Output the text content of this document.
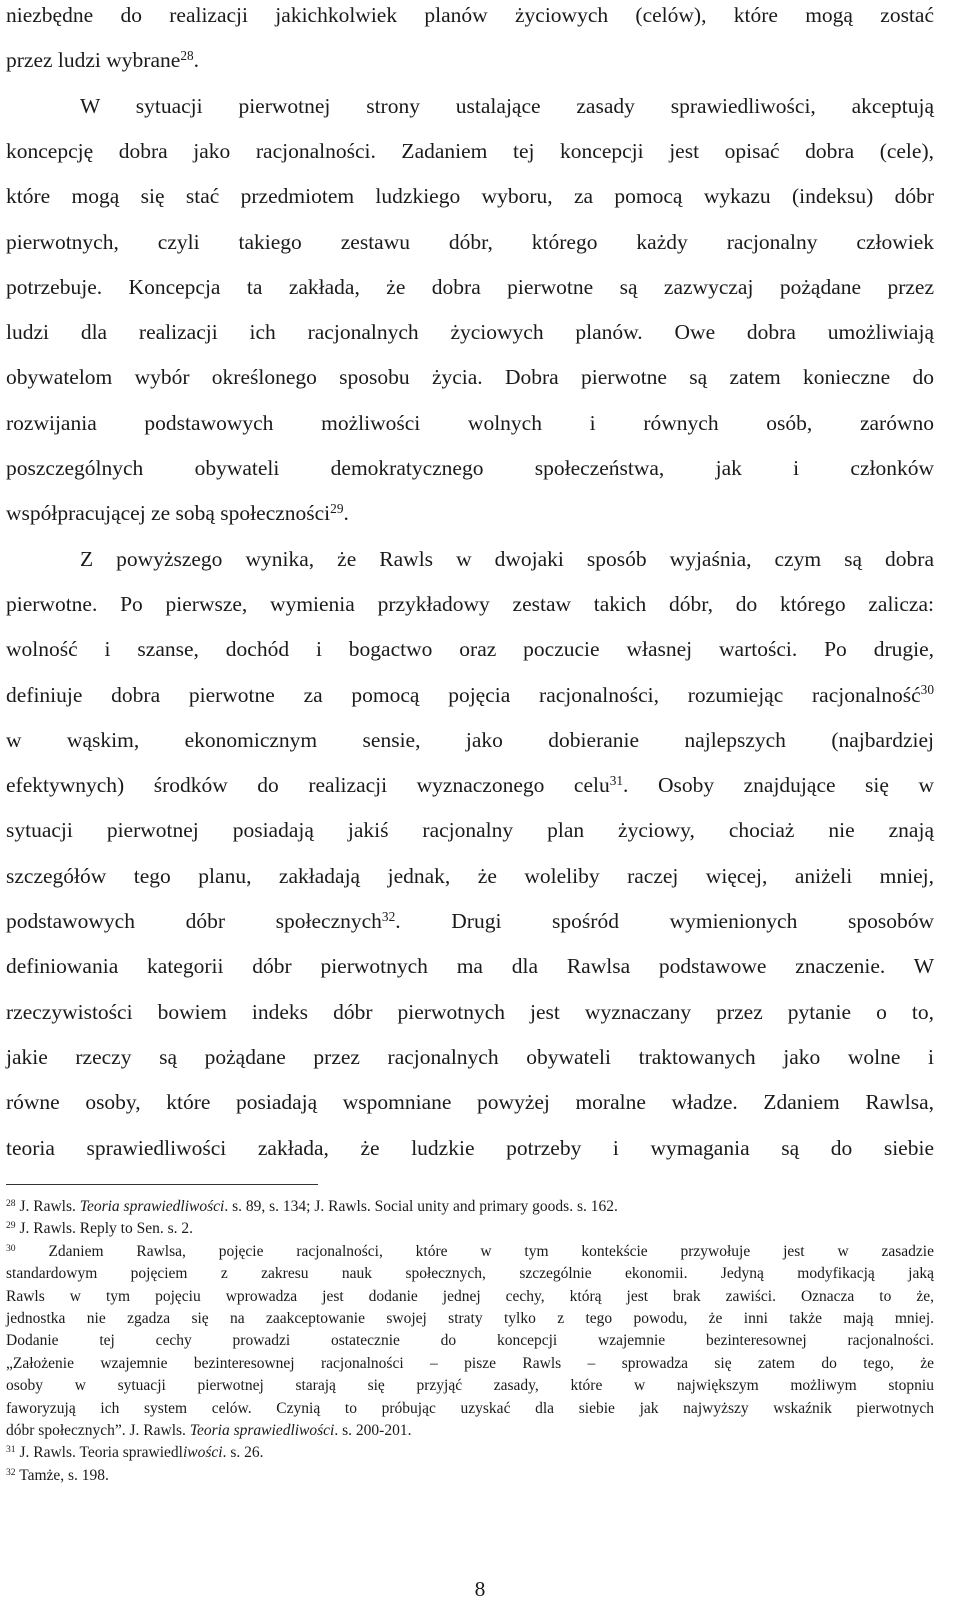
niezbędne do realizacji jakichkolwiek planów życiowych (celów), które mogą zostać
przez ludzi wybrane$^{28}$.
W sytuacji pierwotnej strony ustalające zasady sprawiedliwości, akceptują
koncepcję dobra jako racjonalności. Zadaniem tej koncepcji jest opisać dobra (cele),
które mogą się stać przedmiotem ludzkiego wyboru, za pomocą wykazu (indeksu) dóbr
pierwotnych, czyli takiego zestawu dóbr, którego każdy racjonalny człowiek
potrzebuje. Koncepcja ta zakłada, że dobra pierwotne są zazwyczaj pożądane przez
ludzi dla realizacji ich racjonalnych życiowych planów. Owe dobra umożliwiają
obywatelom wybór określonego sposobu życia. Dobra pierwotne są zatem konieczne do
rozwijania podstawowych możliwości wolnych i równych osób, zarówno
poszczególnych obywateli demokratycznego społeczeństwa, jak i członków
współpracującej ze sobą społeczności$^{29}$.
Z powyższego wynika, że Rawls w dwojaki sposób wyjaśnia, czym są dobra
pierwotne. Po pierwsze, wymienia przykładowy zestaw takich dóbr, do którego zalicza:
wolność i szanse, dochód i bogactwo oraz poczucie własnej wartości. Po drugie,
definiuje dobra pierwotne za pomocą pojęcia racjonalności, rozumiejąc racjonalność$^{30}$
w wąskim, ekonomicznym sensie, jako dobieranie najlepszych (najbardziej
efektywnych) środków do realizacji wyznaczonego celu$^{31}$. Osoby znajdujące się w
sytuacji pierwotnej posiadają jakiś racjonalny plan życiowy, chociaż nie znają
szczegółów tego planu, zakładają jednak, że woleliby raczej więcej, aniżeli mniej,
podstawowych dóbr społecznych$^{32}$. Drugi spośród wymienionych sposobów
definiowania kategorii dóbr pierwotnych ma dla Rawlsa podstawowe znaczenie. W
rzeczywistości bowiem indeks dóbr pierwotnych jest wyznaczany przez pytanie o to,
jakie rzeczy są pożądane przez racjonalnych obywateli traktowanych jako wolne i
równe osoby, które posiadają wspomniane powyżej moralne władze. Zdaniem Rawlsa,
teoria sprawiedliwości zakłada, że ludzkie potrzeby i wymagania są do siebie
$^{28}$ J. Rawls. Teoria sprawiedliwości. s. 89, s. 134; J. Rawls. Social unity and primary goods. s. 162.
$^{29}$ J. Rawls. Reply to Sen. s. 2.
$^{30}$ Zdaniem Rawlsa, pojęcie racjonalności, które w tym kontekście przywołuje jest w zasadzie
standardowym pojęciem z zakresu nauk społecznych, szczególnie ekonomii. Jedyną modyfikacją jaką
Rawls w tym pojęciu wprowadza jest dodanie jednej cechy, którą jest brak zawiści. Oznacza to że,
jednostka nie zgadza się na zaakceptowanie swojej straty tylko z tego powodu, że inni także mają mniej.
Dodanie tej cechy prowadzi ostatecznie do koncepcji wzajemnie bezinteresownej racjonalności.
„Założenie wzajemnie bezinteresownej racjonalności – pisze Rawls – sprowadza się zatem do tego, że
osoby w sytuacji pierwotnej starają się przyjąć zasady, które w największym możliwym stopniu
faworyzują ich system celów. Czynią to próbując uzyskać dla siebie jak najwyższy wskaźnik pierwotnych
dóbr społecznych”. J. Rawls. Teoria sprawiedliwości. s. 200-201.
$^{31}$ J. Rawls. Teoria sprawiedliwości. s. 26.
$^{32}$ Tamże, s. 198.
8
